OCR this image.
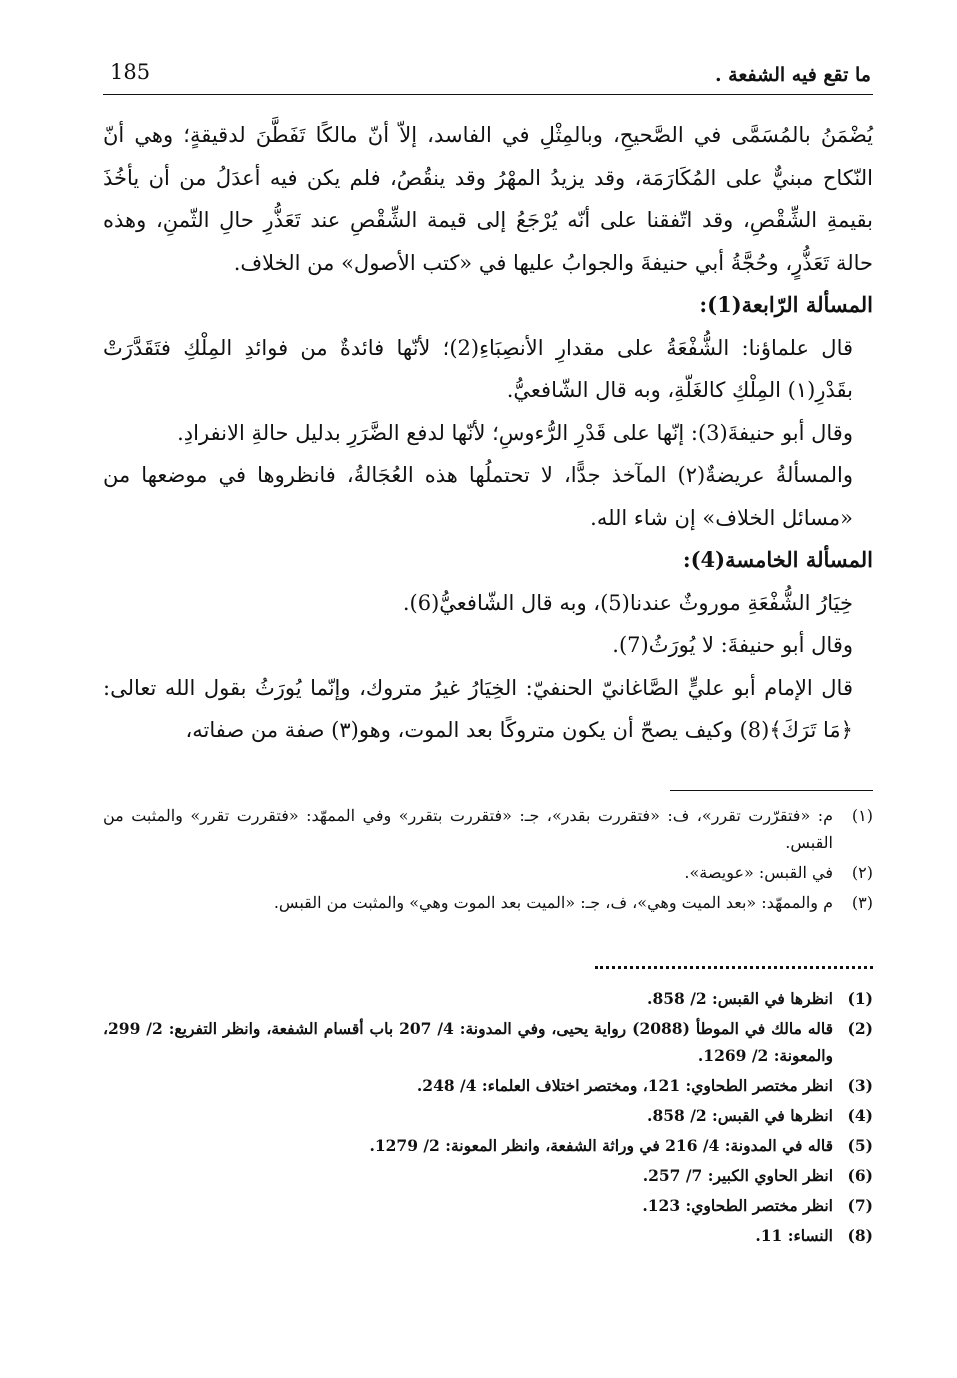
185	ما تقع فيه الشفعة .

يُضْمَنُ بالمُسَمَّى في الصَّحيحِ، وبالمِثْلِ في الفاسد، إلاّ أنّ مالكًا تَفَطَّنَ لدقيقةٍ؛ وهي أنّ النّكاح مبنيٌّ على المُكَارَمَة، وقد يزيدُ المهْرُ وقد ينقُصُ، فلم يكن فيه أعدَلُ من أن يأخُذَ بقيمةِ الشِّقْصِ، وقد اتّفقنا على أنّه يُرْجَعُ إلى قيمة الشِّقْصِ عند تَعَذُّرِ حالِ الثّمنِ، وهذه حالة تَعَذُّرٍ، وحُجَّةُ أبي حنيفةَ والجوابُ عليها في «كتب الأصول» من الخلاف.

المسألة الرّابعة(1):

قال علماؤنا: الشُّفْعَةُ على مقدارِ الأنصِبَاءِ(2)؛ لأنّها فائدةٌ من فوائدِ المِلْكِ فتَقَدَّرَتْ بقَدْرِ(١) المِلْكِ كالغَلّةِ، وبه قال الشّافعيُّ.

وقال أبو حنيفةَ(3): إنّها على قَدْرِ الرُّءوسِ؛ لأنّها لدفع الضَّرَرِ بدليل حالةِ الانفرادِ.

والمسألةُ عريضةٌ(٢) المآخذ جدًّا، لا تحتملُها هذه العُجَالةُ، فانظروها في موضعها من «مسائل الخلاف» إن شاء الله.

المسألة الخامسة(4):

خِيَارُ الشُّفْعَةِ موروثٌ عندنا(5)، وبه قال الشّافعيُّ(6).

وقال أبو حنيفةَ: لا يُورَثُ(7).

قال الإمام أبو عليٍّ الصَّاغانيّ الحنفيّ: الخِيَارُ غيرُ متروك، وإنّما يُورَثُ بقول الله تعالى: ﴿مَا تَرَكَ﴾(8) وكيف يصحّ أن يكون متروكًا بعد الموت، وهو(٣) صفة من صفاته،

(١)
م: «فتقرّرت تقرر»، ف: «فتقررت بقدر»، جـ: «فتقررت بتقرر» وفي الممهّد: «فتقررت تقرر» والمثبت من القبس.
(٢)
في القبس: «عويصة».
(٣)
م والممهّد: «بعد الميت وهي»، ف، جـ: «الميت بعد الموت وهي» والمثبت من القبس.
(1)
انظرها في القبس: 2/ 858.
(2)
قاله مالك في الموطأ (2088) رواية يحيى، وفي المدونة: 4/ 207 باب أقسام الشفعة، وانظر التفريع: 2/ 299، والمعونة: 2/ 1269.
(3)
انظر مختصر الطحاوي: 121، ومختصر اختلاف العلماء: 4/ 248.
(4)
انظرها في القبس: 2/ 858.
(5)
قاله في المدونة: 4/ 216 في وراثة الشفعة، وانظر المعونة: 2/ 1279.
(6)
انظر الحاوي الكبير: 7/ 257.
(7)
انظر مختصر الطحاوي: 123.
(8)
النساء: 11.
